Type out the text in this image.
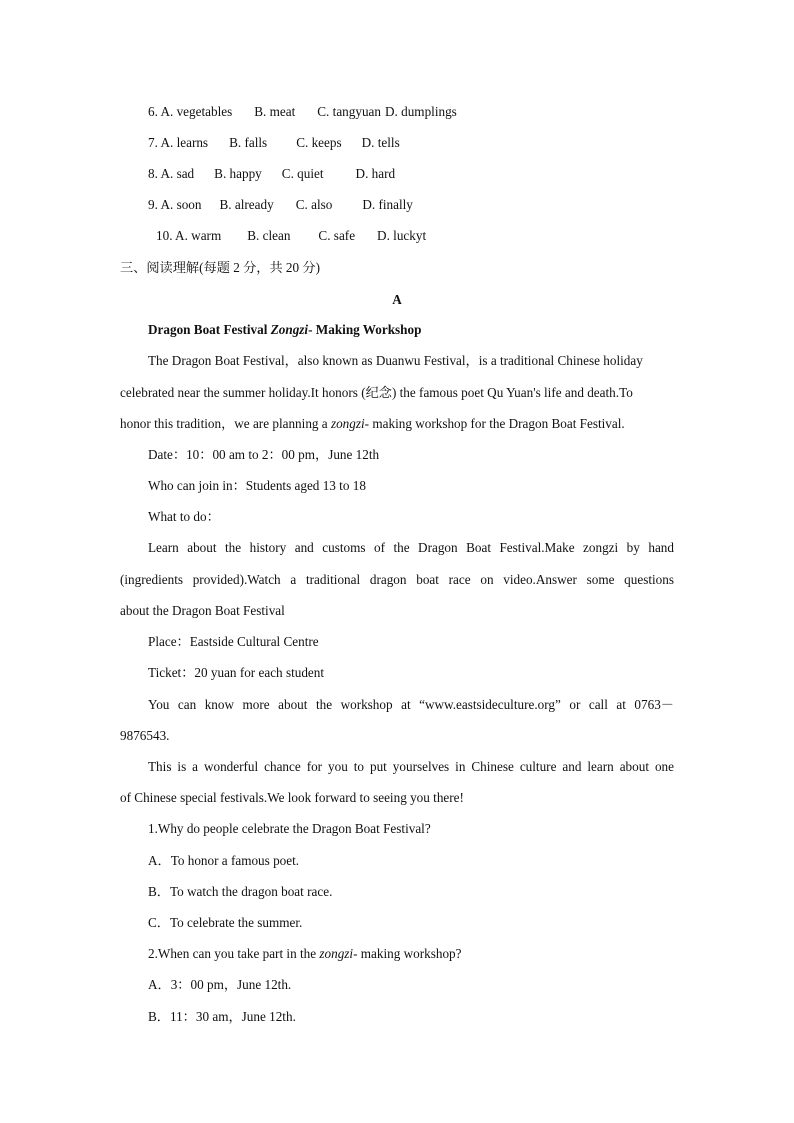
6. A. vegetables B. meat C. tangyuan D. dumplings
7. A. learns B. falls C. keeps D. tells
8. A. sad B. happy C. quiet D. hard
9. A. soon B. already C. also D. finally
10. A. warm B. clean C. safe D. luckyt
三、阅读理解(每题 2 分，共 20 分)
A
Dragon Boat Festival Zongzi- Making Workshop
The Dragon Boat Festival，also known as Duanwu Festival，is a traditional Chinese holiday
celebrated near the summer holiday.It honors (纪念) the famous poet Qu Yuan's life and death.To
honor this tradition，we are planning a zongzi- making workshop for the Dragon Boat Festival.
Date：10：00 am to 2：00 pm，June 12th
Who can join in：Students aged 13 to 18
What to do：
Learn about the history and customs of the Dragon Boat Festival.Make zongzi by hand
(ingredients provided).Watch a traditional dragon boat race on video.Answer some questions
about the Dragon Boat Festival
Place：Eastside Cultural Centre
Ticket：20 yuan for each student
You can know more about the workshop at “www.eastsideculture.org” or call at 0763－
9876543.
This is a wonderful chance for you to put yourselves in Chinese culture and learn about one
of Chinese special festivals.We look forward to seeing you there!
1.Why do people celebrate the Dragon Boat Festival?
A．To honor a famous poet.
B．To watch the dragon boat race.
C．To celebrate the summer.
2.When can you take part in the zongzi- making workshop?
A．3：00 pm，June 12th.
B．11：30 am，June 12th.
